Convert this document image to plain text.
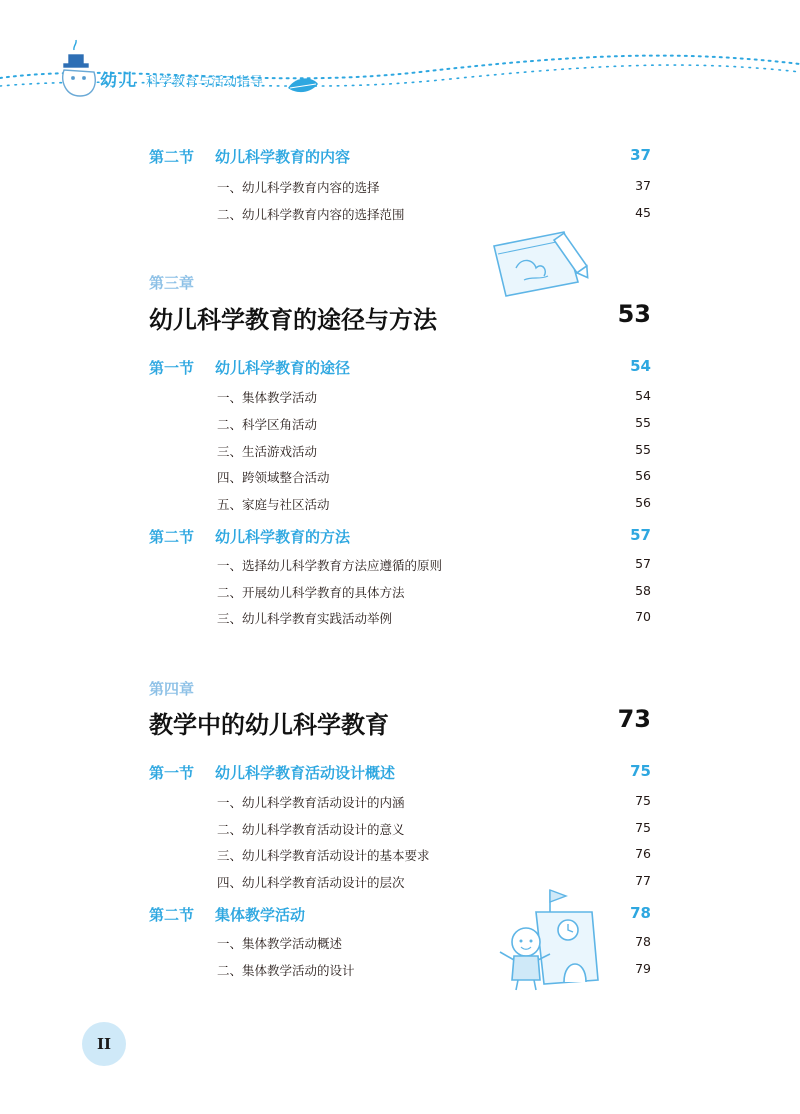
幼儿 科学教育与活动指导
第二节 幼儿科学教育的内容	37
一、幼儿科学教育内容的选择	37
二、幼儿科学教育内容的选择范围	45
第三章
幼儿科学教育的途径与方法	53
第一节 幼儿科学教育的途径	54
一、集体教学活动	54
二、科学区角活动	55
三、生活游戏活动	55
四、跨领域整合活动	56
五、家庭与社区活动	56
第二节 幼儿科学教育的方法	57
一、选择幼儿科学教育方法应遵循的原则	57
二、开展幼儿科学教育的具体方法	58
三、幼儿科学教育实践活动举例	70
第四章
教学中的幼儿科学教育	73
第一节 幼儿科学教育活动设计概述	75
一、幼儿科学教育活动设计的内涵	75
二、幼儿科学教育活动设计的意义	75
三、幼儿科学教育活动设计的基本要求	76
四、幼儿科学教育活动设计的层次	77
第二节 集体教学活动	78
一、集体教学活动概述	78
二、集体教学活动的设计	79
II
